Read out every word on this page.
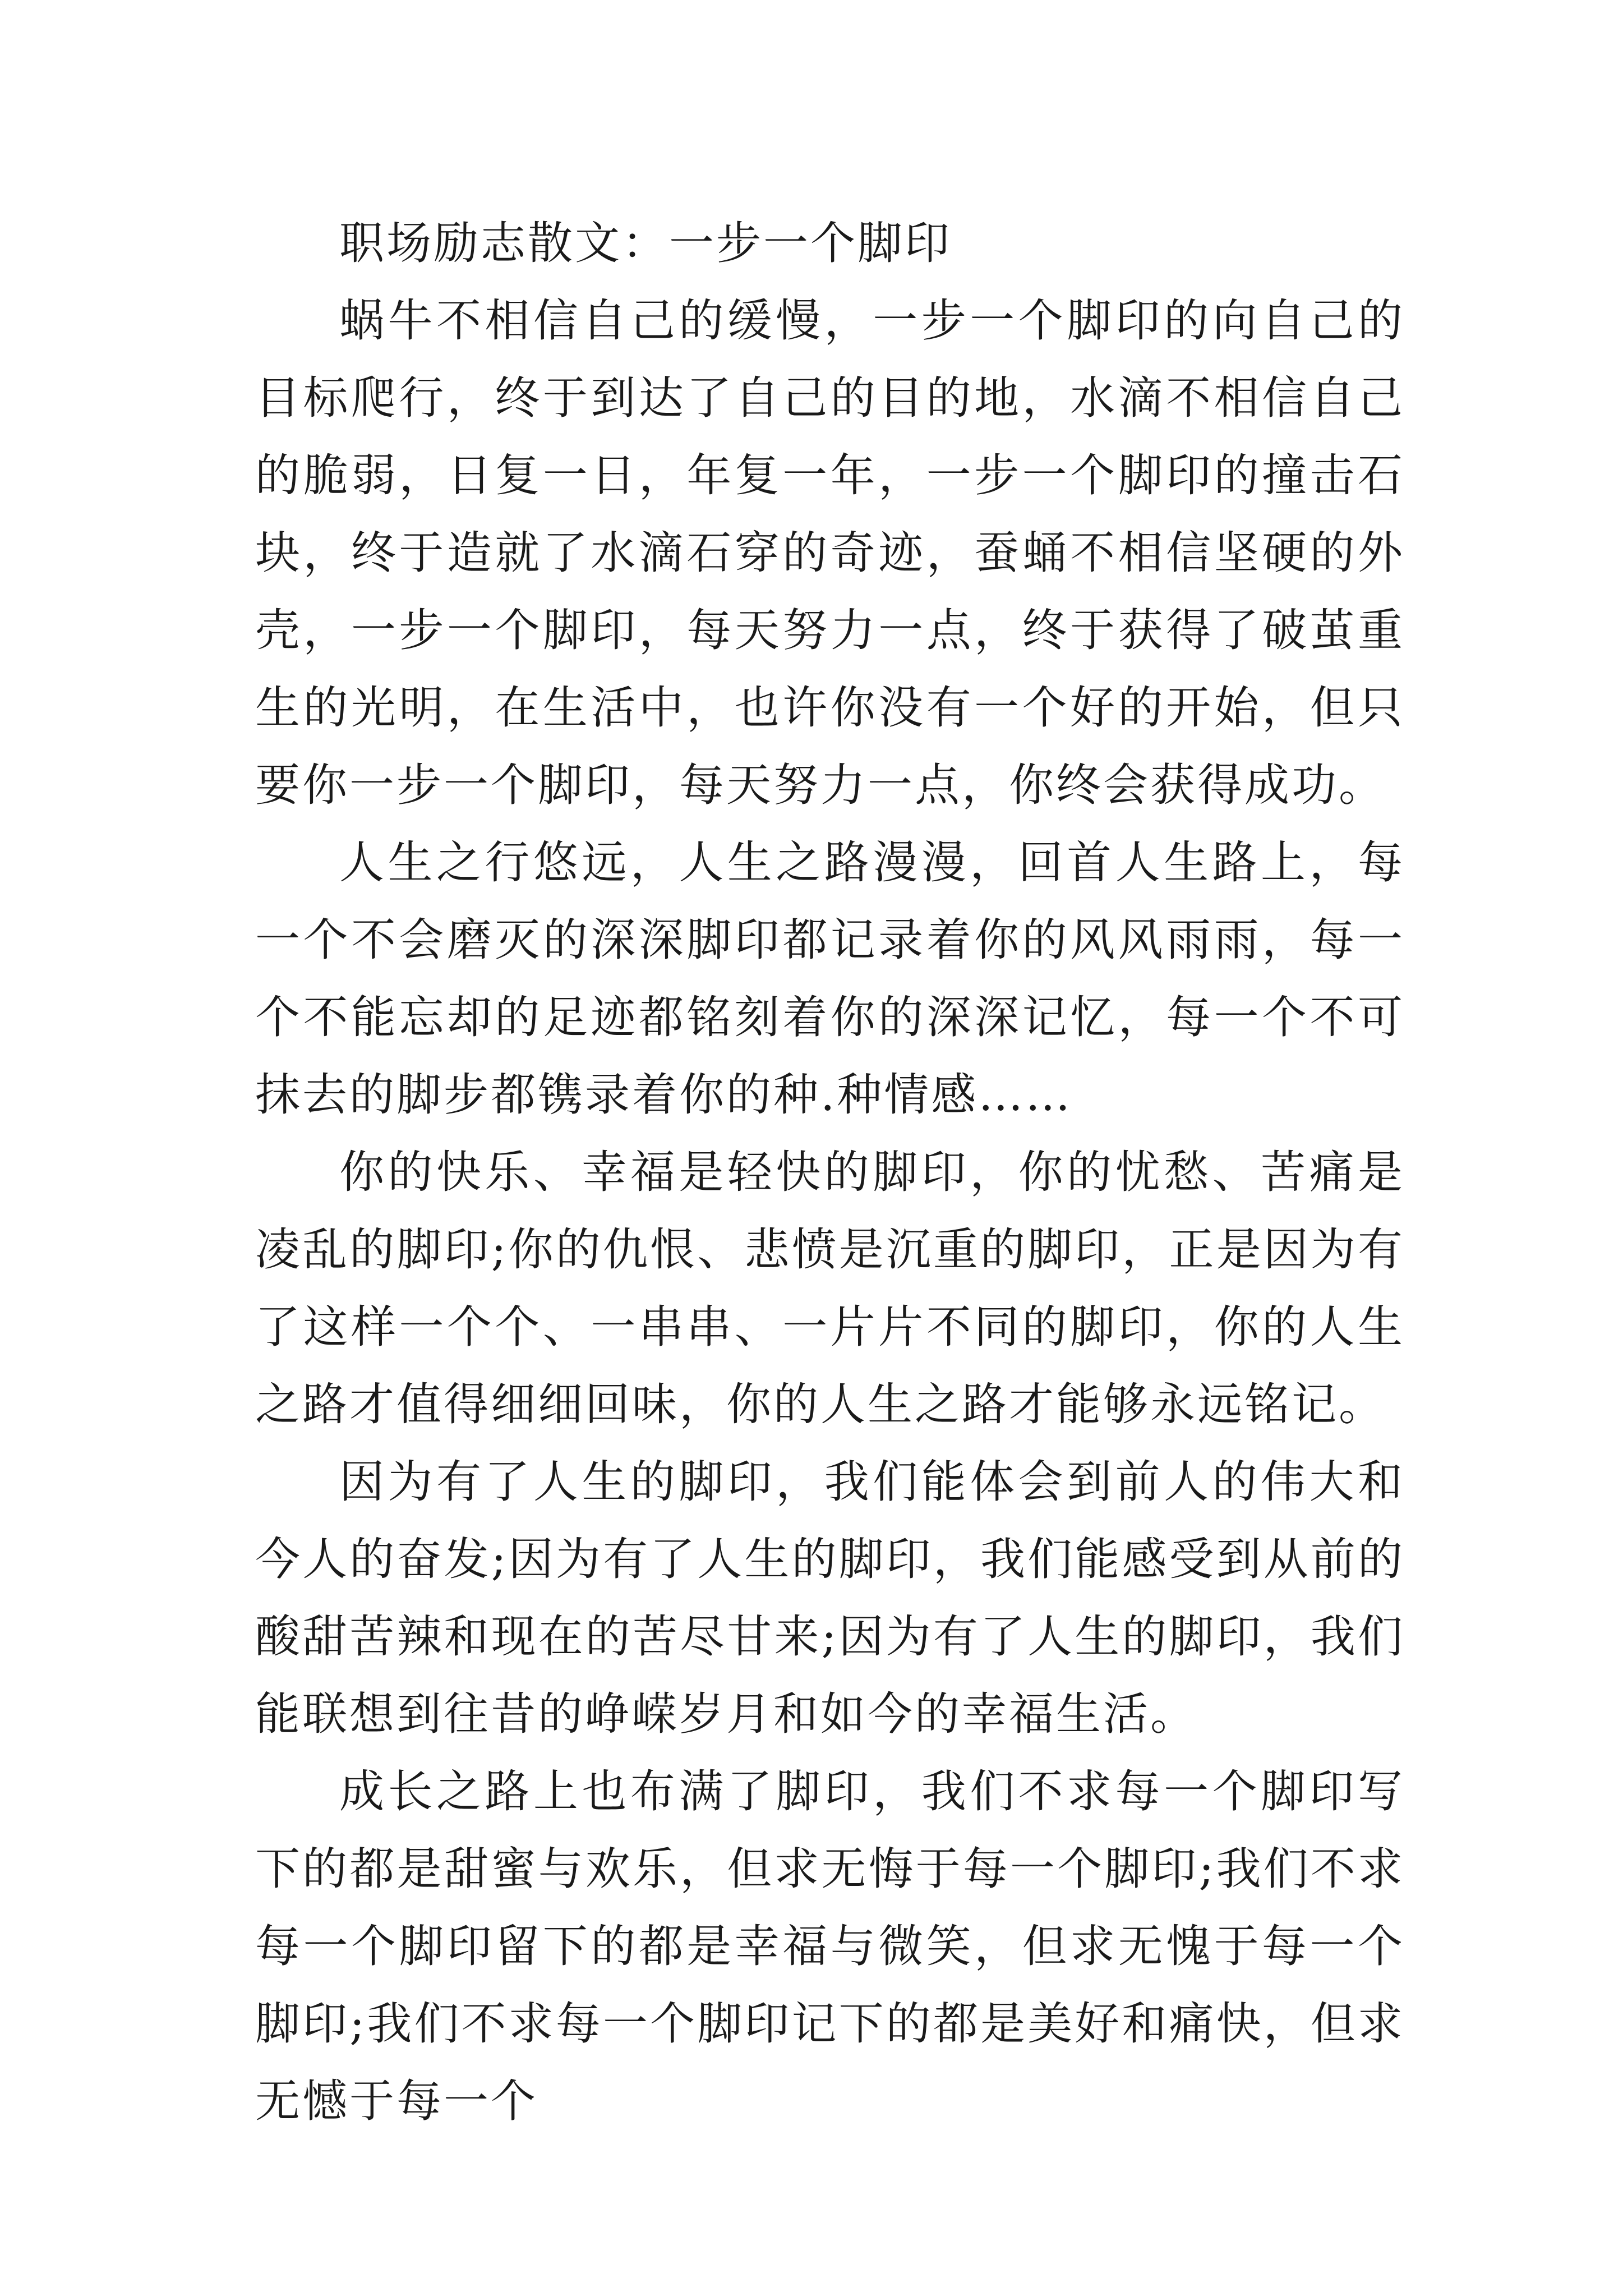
职场励志散文：一步一个脚印

蜗牛不相信自己的缓慢，一步一个脚印的向自己的目标爬行，终于到达了自己的目的地，水滴不相信自己的脆弱，日复一日，年复一年，一步一个脚印的撞击石块，终于造就了水滴石穿的奇迹，蚕蛹不相信坚硬的外壳，一步一个脚印，每天努力一点，终于获得了破茧重生的光明，在生活中，也许你没有一个好的开始，但只要你一步一个脚印，每天努力一点，你终会获得成功。

人生之行悠远，人生之路漫漫，回首人生路上，每一个不会磨灭的深深脚印都记录着你的风风雨雨，每一个不能忘却的足迹都铭刻着你的深深记忆，每一个不可抹去的脚步都镌录着你的种.种情感……

你的快乐、幸福是轻快的脚印，你的忧愁、苦痛是凌乱的脚印;你的仇恨、悲愤是沉重的脚印，正是因为有了这样一个个、一串串、一片片不同的脚印，你的人生之路才值得细细回味，你的人生之路才能够永远铭记。

因为有了人生的脚印，我们能体会到前人的伟大和今人的奋发;因为有了人生的脚印，我们能感受到从前的酸甜苦辣和现在的苦尽甘来;因为有了人生的脚印，我们能联想到往昔的峥嵘岁月和如今的幸福生活。

成长之路上也布满了脚印，我们不求每一个脚印写下的都是甜蜜与欢乐，但求无悔于每一个脚印;我们不求每一个脚印留下的都是幸福与微笑，但求无愧于每一个脚印;我们不求每一个脚印记下的都是美好和痛快，但求无憾于每一个
